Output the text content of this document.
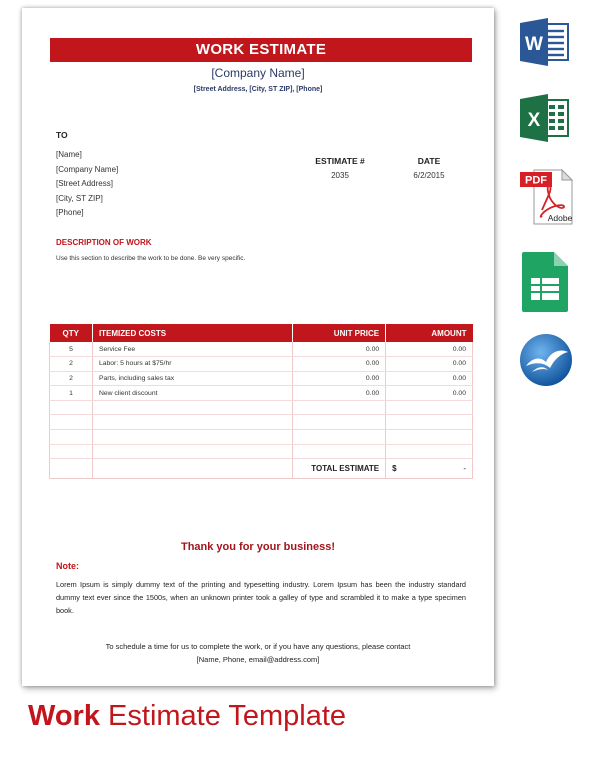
WORK ESTIMATE
[Company Name]
[Street Address, [City, ST ZIP], [Phone]
TO
[Name]
[Company Name]
[Street Address]
[City, ST ZIP]
[Phone]
ESTIMATE #
2035
DATE
6/2/2015
DESCRIPTION OF WORK
Use this section to describe the work to be done. Be very specific.
QTY	ITEMIZED COSTS	UNIT PRICE	AMOUNT
5	Service Fee	0.00	0.00
2	Labor: 5 hours at $75/hr	0.00	0.00
2	Parts, including sales tax	0.00	0.00
1	New client discount	0.00	0.00

		TOTAL ESTIMATE	$ -
Thank you for your business!
Note:
Lorem Ipsum is simply dummy text of the printing and typesetting industry. Lorem Ipsum has been the industry standard dummy text ever since the 1500s, when an unknown printer took a galley of type and scrambled it to make a type specimen book.
To schedule a time for us to complete the work, or if you have any questions, please contact
[Name, Phone, email@address.com]
W
X
PDF
Adobe
Work Estimate Template
